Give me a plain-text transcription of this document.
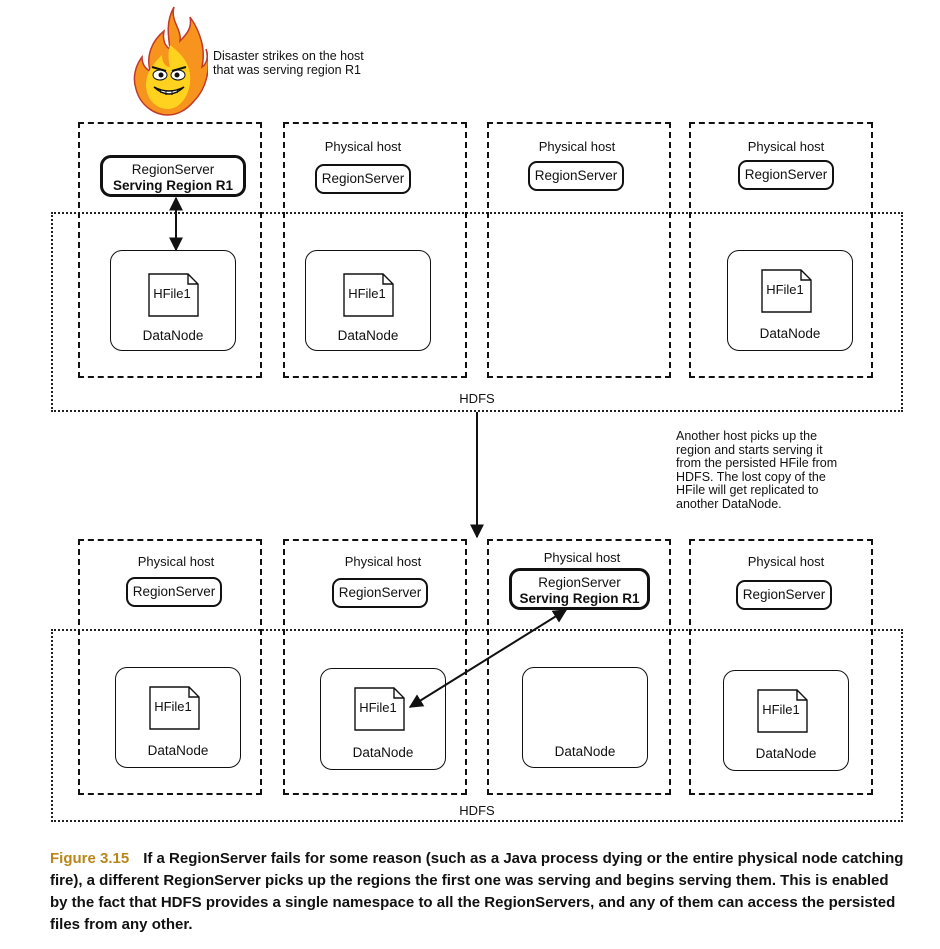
Disaster strikes on the host
that was serving region R1
HDFS
RegionServer
Serving Region R1
HFile1
DataNode
Physical host
RegionServer
HFile1
DataNode
Physical host
RegionServer
Physical host
RegionServer
HFile1
DataNode
Another host picks up the
region and starts serving it
from the persisted HFile from
HDFS. The lost copy of the
HFile will get replicated to
another DataNode.
HDFS
Physical host
RegionServer
HFile1
DataNode
Physical host
RegionServer
HFile1
DataNode
Physical host
RegionServer
Serving Region R1
DataNode
Physical host
RegionServer
HFile1
DataNode
Figure 3.15 If a RegionServer fails for some reason (such as a Java process dying or the entire physical node catching fire), a different RegionServer picks up the regions the first one was serving and begins serving them. This is enabled by the fact that HDFS provides a single namespace to all the RegionServers, and any of them can access the persisted files from any other.
